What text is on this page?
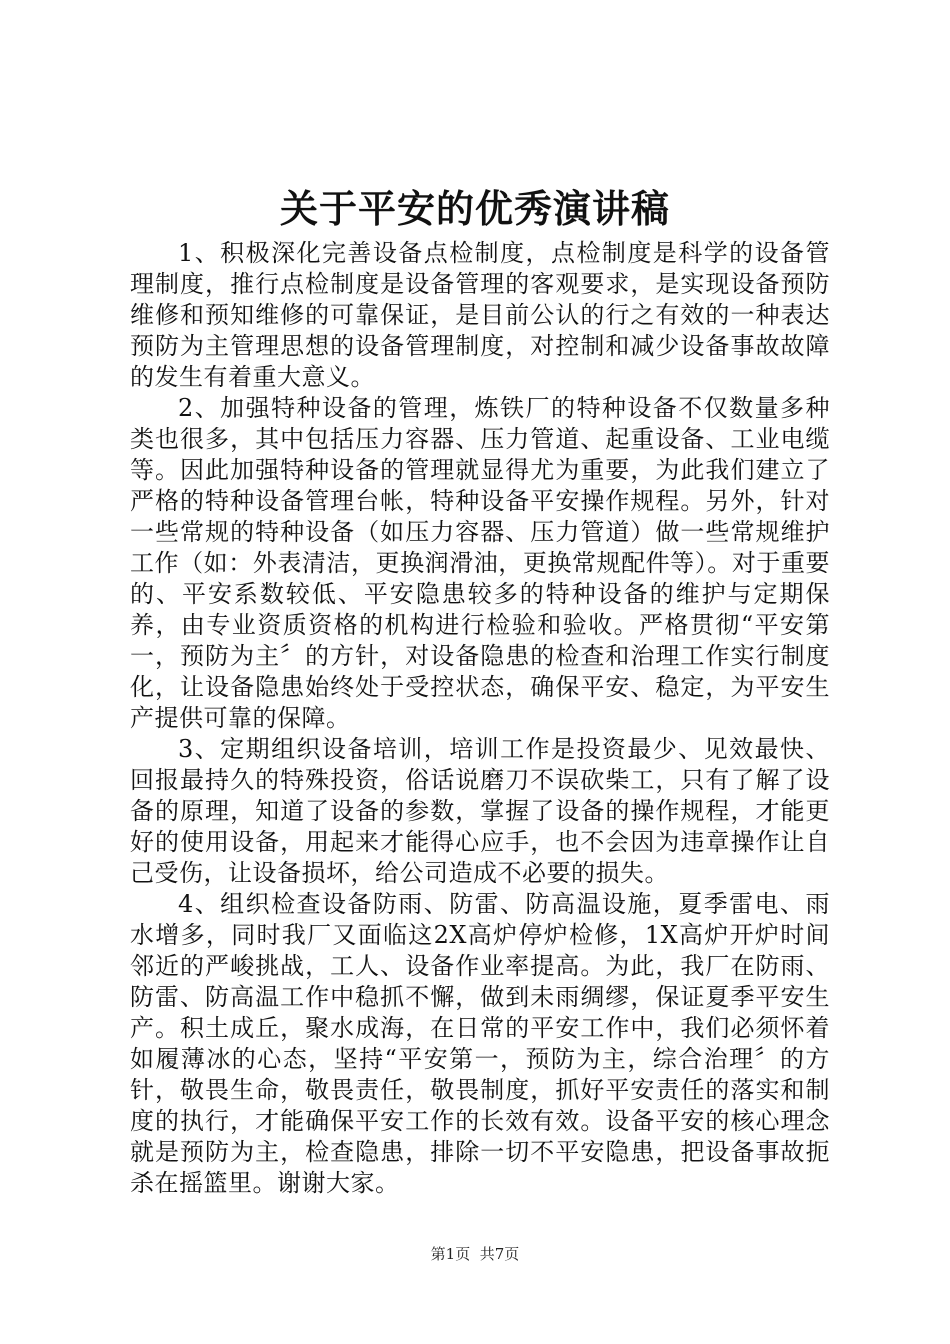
关于平安的优秀演讲稿

1、积极深化完善设备点检制度，点检制度是科学的设备管理制度，推行点检制度是设备管理的客观要求，是实现设备预防维修和预知维修的可靠保证，是目前公认的行之有效的一种表达预防为主管理思想的设备管理制度，对控制和减少设备事故故障的发生有着重大意义。

2、加强特种设备的管理，炼铁厂的特种设备不仅数量多种类也很多，其中包括压力容器、压力管道、起重设备、工业电缆等。因此加强特种设备的管理就显得尤为重要，为此我们建立了严格的特种设备管理台帐，特种设备平安操作规程。另外，针对一些常规的特种设备（如压力容器、压力管道）做一些常规维护工作（如：外表清洁，更换润滑油，更换常规配件等）。对于重要的、平安系数较低、平安隐患较多的特种设备的维护与定期保养，由专业资质资格的机构进行检验和验收。严格贯彻“平安第一，预防为主〞的方针，对设备隐患的检查和治理工作实行制度化，让设备隐患始终处于受控状态，确保平安、稳定，为平安生产提供可靠的保障。

3、定期组织设备培训，培训工作是投资最少、见效最快、回报最持久的特殊投资，俗话说磨刀不误砍柴工，只有了解了设备的原理，知道了设备的参数，掌握了设备的操作规程，才能更好的使用设备，用起来才能得心应手，也不会因为违章操作让自己受伤，让设备损坏，给公司造成不必要的损失。

4、组织检查设备防雨、防雷、防高温设施，夏季雷电、雨水增多，同时我厂又面临这2X高炉停炉检修，1X高炉开炉时间邻近的严峻挑战，工人、设备作业率提高。为此，我厂在防雨、防雷、防高温工作中稳抓不懈，做到未雨绸缪，保证夏季平安生产。积土成丘，聚水成海，在日常的平安工作中，我们必须怀着如履薄冰的心态，坚持“平安第一，预防为主，综合治理〞的方针，敬畏生命，敬畏责任，敬畏制度，抓好平安责任的落实和制度的执行，才能确保平安工作的长效有效。设备平安的核心理念就是预防为主，检查隐患，排除一切不平安隐患，把设备事故扼杀在摇篮里。谢谢大家。

第1页 共7页
